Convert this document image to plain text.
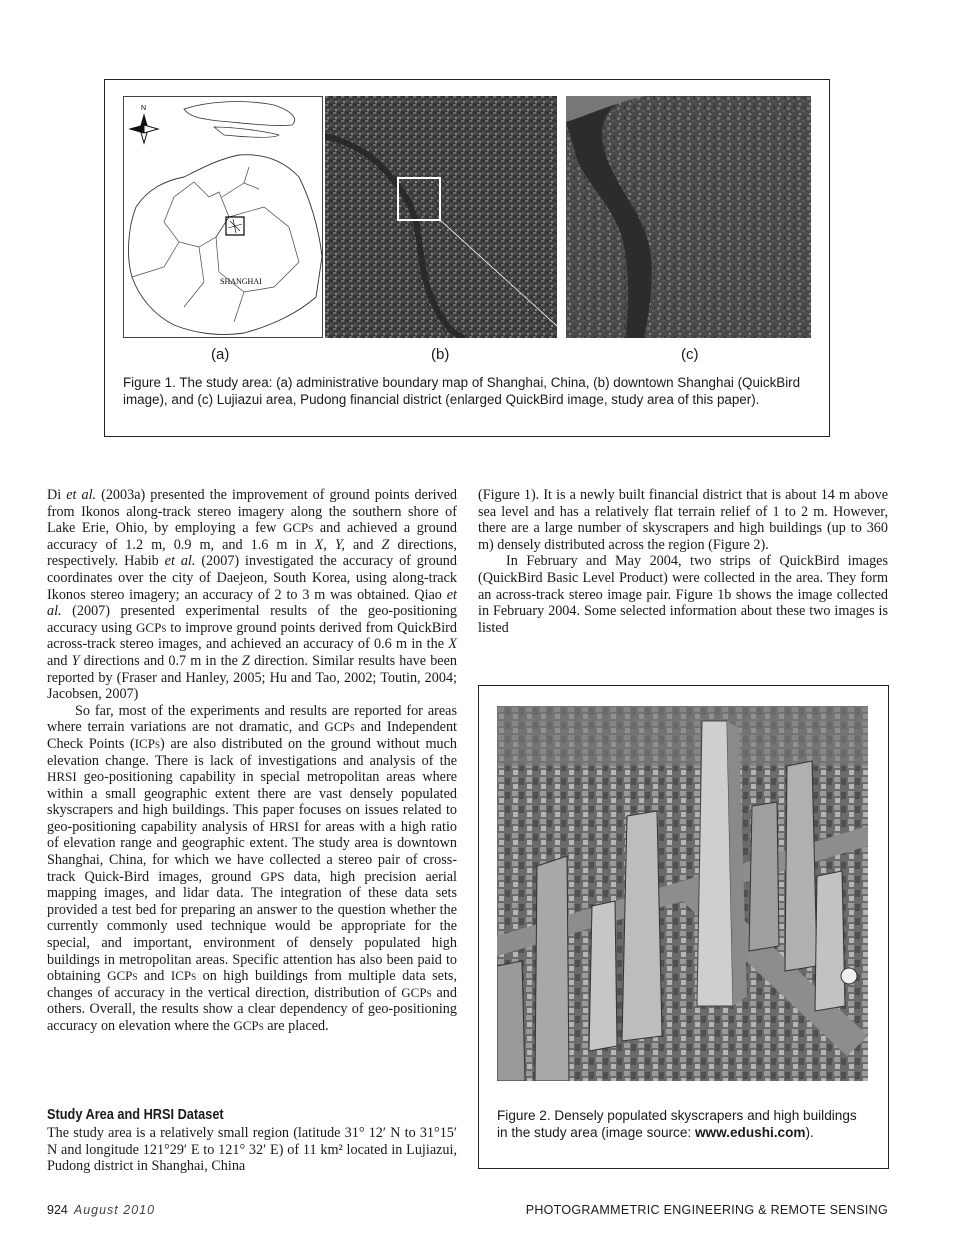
N
SHANGHAI
(a)	(b)	(c)
Figure 1. The study area: (a) administrative boundary map of Shanghai, China, (b) downtown Shanghai (QuickBird image), and (c) Lujiazui area, Pudong financial district (enlarged QuickBird image, study area of this paper).

Di et al. (2003a) presented the improvement of ground points derived from Ikonos along-track stereo imagery along the southern shore of Lake Erie, Ohio, by employing a few GCPs and achieved a ground accuracy of 1.2 m, 0.9 m, and 1.6 m in X, Y, and Z directions, respectively. Habib et al. (2007) investigated the accuracy of ground coordinates over the city of Daejeon, South Korea, using along-track Ikonos stereo imagery; an accuracy of 2 to 3 m was obtained. Qiao et al. (2007) presented experimental results of the geo-positioning accuracy using GCPs to improve ground points derived from QuickBird across-track stereo images, and achieved an accuracy of 0.6 m in the X and Y directions and 0.7 m in the Z direction. Similar results have been reported by (Fraser and Hanley, 2005; Hu and Tao, 2002; Toutin, 2004; Jacobsen, 2007)

So far, most of the experiments and results are reported for areas where terrain variations are not dramatic, and GCPs and Independent Check Points (ICPs) are also distributed on the ground without much elevation change. There is lack of investigations and analysis of the HRSI geo-positioning capability in special metropolitan areas where within a small geographic extent there are vast densely populated skyscrapers and high buildings. This paper focuses on issues related to geo-positioning capability analysis of HRSI for areas with a high ratio of elevation range and geographic extent. The study area is downtown Shanghai, China, for which we have collected a stereo pair of cross-track Quick-Bird images, ground GPS data, high precision aerial mapping images, and lidar data. The integration of these data sets provided a test bed for preparing an answer to the question whether the currently commonly used technique would be appropriate for the special, and important, environment of densely populated high buildings in metropolitan areas. Specific attention has also been paid to obtaining GCPs and ICPs on high buildings from multiple data sets, changes of accuracy in the vertical direction, distribution of GCPs and others. Overall, the results show a clear dependency of geo-positioning accuracy on elevation where the GCPs are placed.

Study Area and HRSI Dataset

The study area is a relatively small region (latitude 31° 12′ N to 31°15′ N and longitude 121°29′ E to 121° 32′ E) of 11 km² located in Lujiazui, Pudong district in Shanghai, China

(Figure 1). It is a newly built financial district that is about 14 m above sea level and has a relatively flat terrain relief of 1 to 2 m. However, there are a large number of skyscrapers and high buildings (up to 360 m) densely distributed across the region (Figure 2).

In February and May 2004, two strips of QuickBird images (QuickBird Basic Level Product) were collected in the area. They form an across-track stereo image pair. Figure 1b shows the image collected in February 2004. Some selected information about these two images is listed

Figure 2. Densely populated skyscrapers and high buildings in the study area (image source: www.edushi.com).
924 August 2010	PHOTOGRAMMETRIC ENGINEERING & REMOTE SENSING
